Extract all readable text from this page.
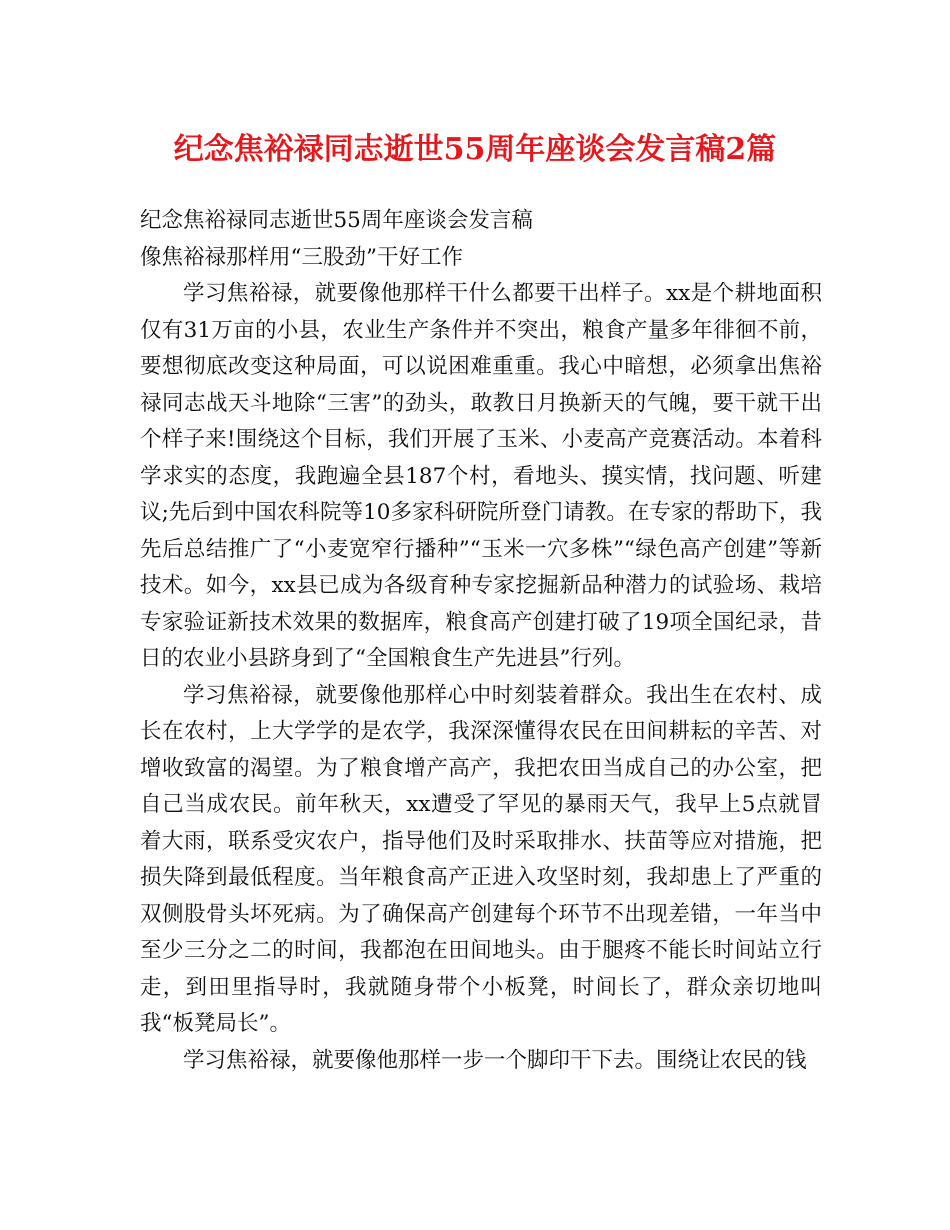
纪念焦裕禄同志逝世55周年座谈会发言稿2篇
纪念焦裕禄同志逝世55周年座谈会发言稿
像焦裕禄那样用“三股劲”干好工作

学习焦裕禄，就要像他那样干什么都要干出样子。xx是个耕地面积仅有31万亩的小县，农业生产条件并不突出，粮食产量多年徘徊不前，要想彻底改变这种局面，可以说困难重重。我心中暗想，必须拿出焦裕禄同志战天斗地除“三害”的劲头，敢教日月换新天的气魄，要干就干出个样子来!围绕这个目标，我们开展了玉米、小麦高产竞赛活动。本着科学求实的态度，我跑遍全县187个村，看地头、摸实情，找问题、听建议;先后到中国农科院等10多家科研院所登门请教。在专家的帮助下，我先后总结推广了“小麦宽窄行播种”“玉米一穴多株”“绿色高产创建”等新技术。如今，xx县已成为各级育种专家挖掘新品种潜力的试验场、栽培专家验证新技术效果的数据库，粮食高产创建打破了19项全国纪录，昔日的农业小县跻身到了“全国粮食生产先进县”行列。

学习焦裕禄，就要像他那样心中时刻装着群众。我出生在农村、成长在农村，上大学学的是农学，我深深懂得农民在田间耕耘的辛苦、对增收致富的渴望。为了粮食增产高产，我把农田当成自己的办公室，把自己当成农民。前年秋天，xx遭受了罕见的暴雨天气，我早上5点就冒着大雨，联系受灾农户，指导他们及时采取排水、扶苗等应对措施，把损失降到最低程度。当年粮食高产正进入攻坚时刻，我却患上了严重的双侧股骨头坏死病。为了确保高产创建每个环节不出现差错，一年当中至少三分之二的时间，我都泡在田间地头。由于腿疼不能长时间站立行走，到田里指导时，我就随身带个小板凳，时间长了，群众亲切地叫我“板凳局长”。

学习焦裕禄，就要像他那样一步一个脚印干下去。围绕让农民的钱
